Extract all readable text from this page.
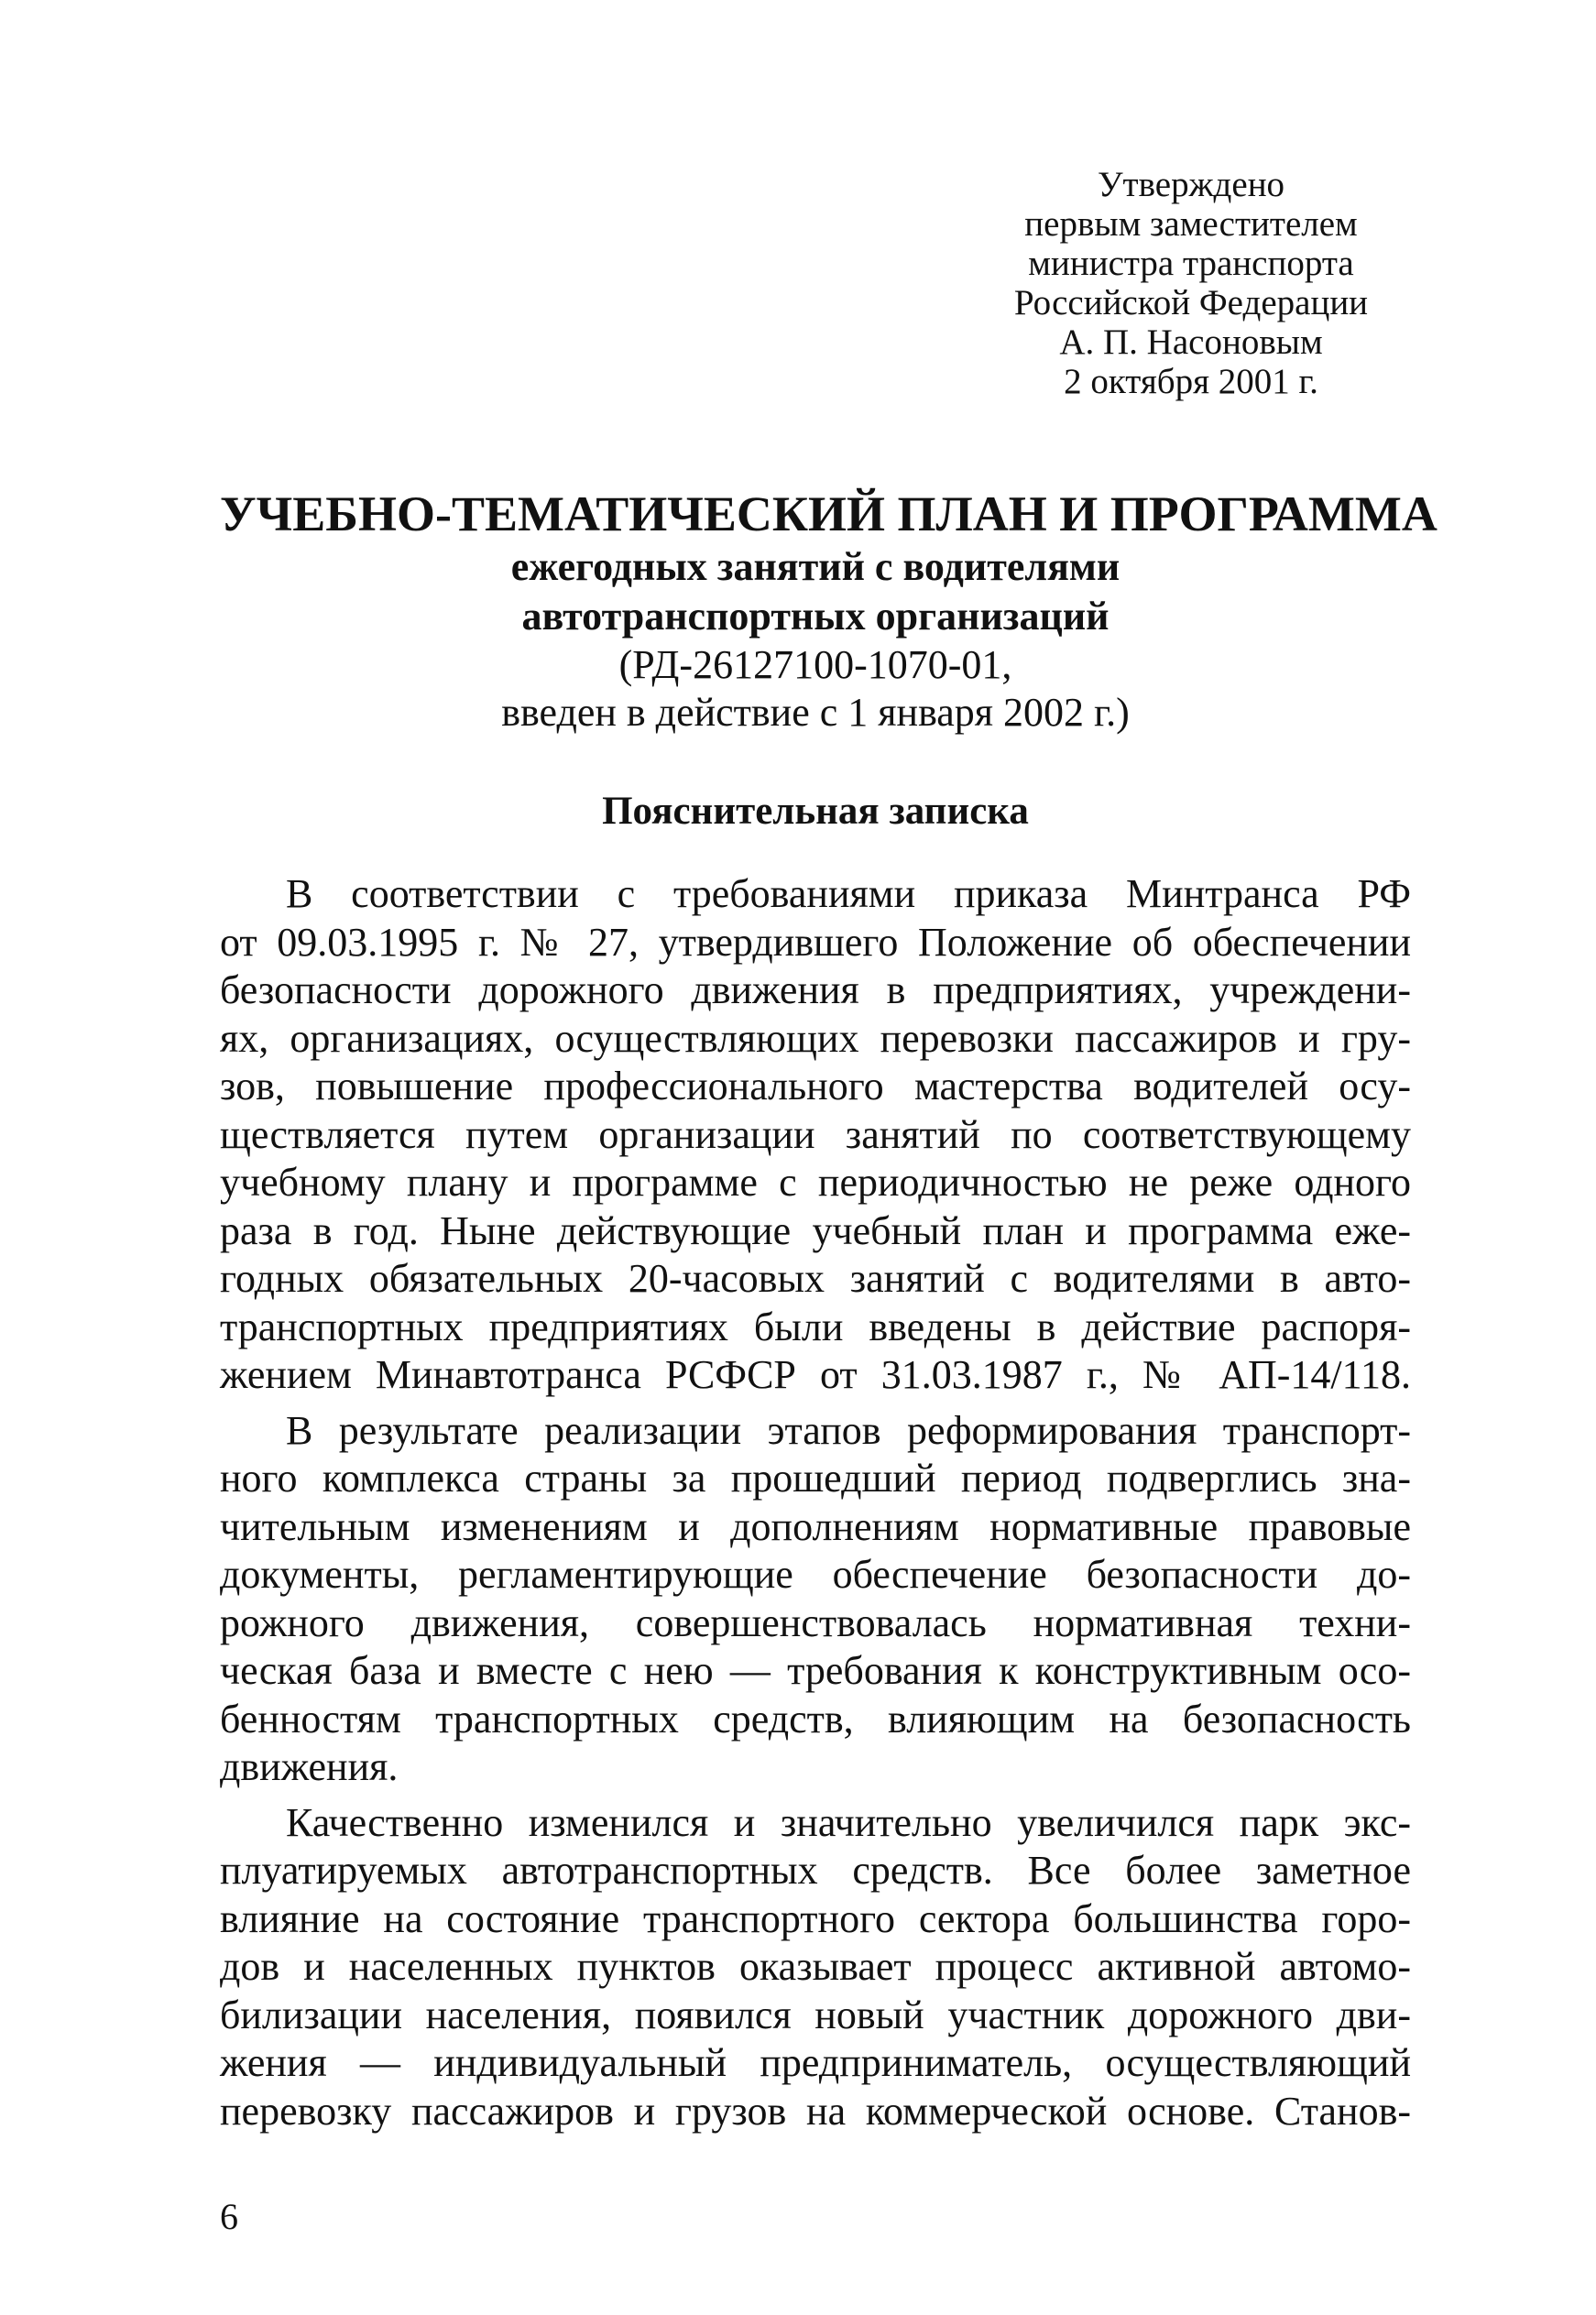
Утверждено
первым заместителем
министра транспорта
Российской Федерации
А. П. Насоновым
2 октября 2001 г.
УЧЕБНО-ТЕМАТИЧЕСКИЙ ПЛАН И ПРОГРАММА
ежегодных занятий с водителями
автотранспортных организаций
(РД-26127100-1070-01,
введен в действие с 1 января 2002 г.)
Пояснительная записка

В соответствии с требованиями приказа Минтранса РФ
от 09.03.1995 г. № 27, утвердившего Положение об обеспечении
безопасности дорожного движения в предприятиях, учреждени-
ях, организациях, осуществляющих перевозки пассажиров и гру-
зов, повышение профессионального мастерства водителей осу-
ществляется путем организации занятий по соответствующему
учебному плану и программе с периодичностью не реже одного
раза в год. Ныне действующие учебный план и программа еже-
годных обязательных 20-часовых занятий с водителями в авто-
транспортных предприятиях были введены в действие распоря-
жением Минавтотранса РСФСР от 31.03.1987 г., № АП-14/118.

В результате реализации этапов реформирования транспорт-
ного комплекса страны за прошедший период подверглись зна-
чительным изменениям и дополнениям нормативные правовые
документы, регламентирующие обеспечение безопасности до-
рожного движения, совершенствовалась нормативная техни-
ческая база и вместе с нею — требования к конструктивным осо-
бенностям транспортных средств, влияющим на безопасность
движения.

Качественно изменился и значительно увеличился парк экс-
плуатируемых автотранспортных средств. Все более заметное
влияние на состояние транспортного сектора большинства горо-
дов и населенных пунктов оказывает процесс активной автомо-
билизации населения, появился новый участник дорожного дви-
жения — индивидуальный предприниматель, осуществляющий
перевозку пассажиров и грузов на коммерческой основе. Станов-

6
